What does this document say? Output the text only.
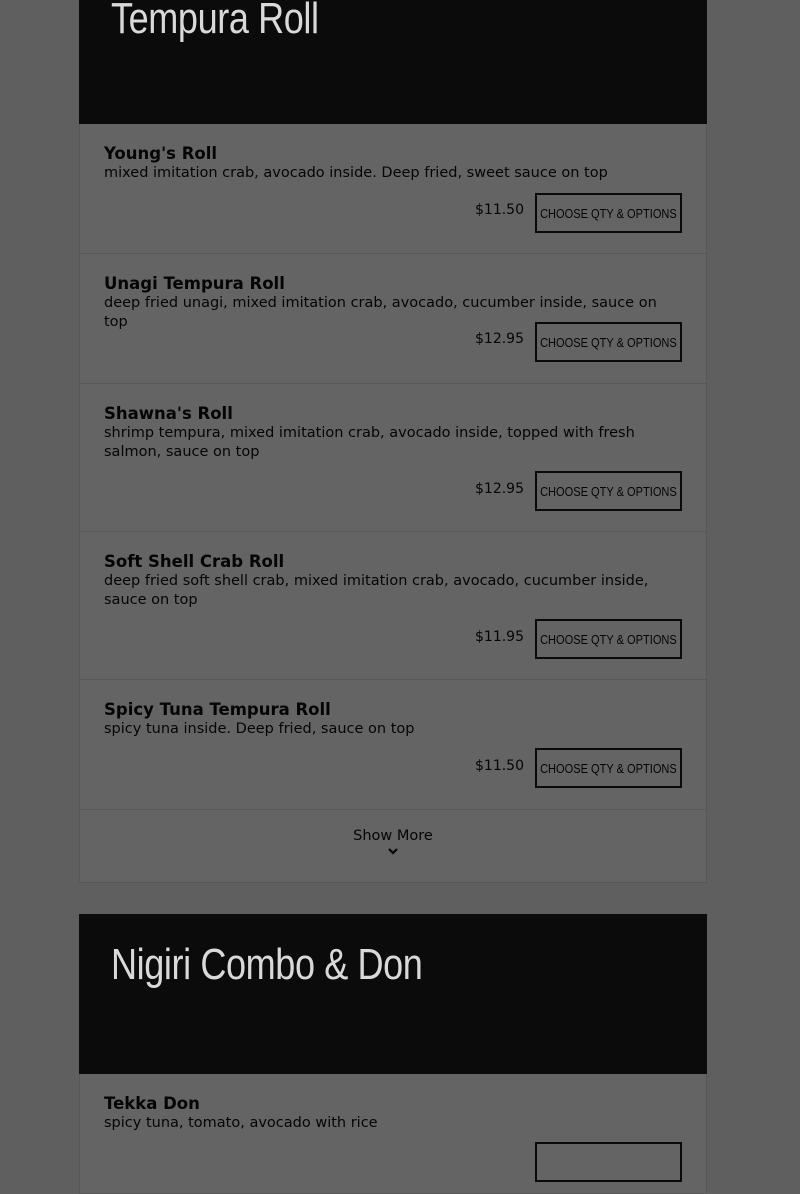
Tempura Roll
Young's Roll
mixed imitation crab, avocado inside. Deep fried, sweet sauce on top
$11.50 CHOOSE QTY & OPTIONS
Unagi Tempura Roll
deep fried unagi, mixed imitation crab, avocado, cucumber inside, sauce on top
$12.95 CHOOSE QTY & OPTIONS
Shawna's Roll
shrimp tempura, mixed imitation crab, avocado inside, topped with fresh salmon, sauce on top
$12.95 CHOOSE QTY & OPTIONS
Soft Shell Crab Roll
deep fried soft shell crab, mixed imitation crab, avocado, cucumber inside, sauce on top
$11.95 CHOOSE QTY & OPTIONS
Spicy Tuna Tempura Roll
spicy tuna inside. Deep fried, sauce on top
$11.50 CHOOSE QTY & OPTIONS
Show More
Nigiri Combo & Don
Tekka Don
spicy tuna, tomato, avocado with rice
